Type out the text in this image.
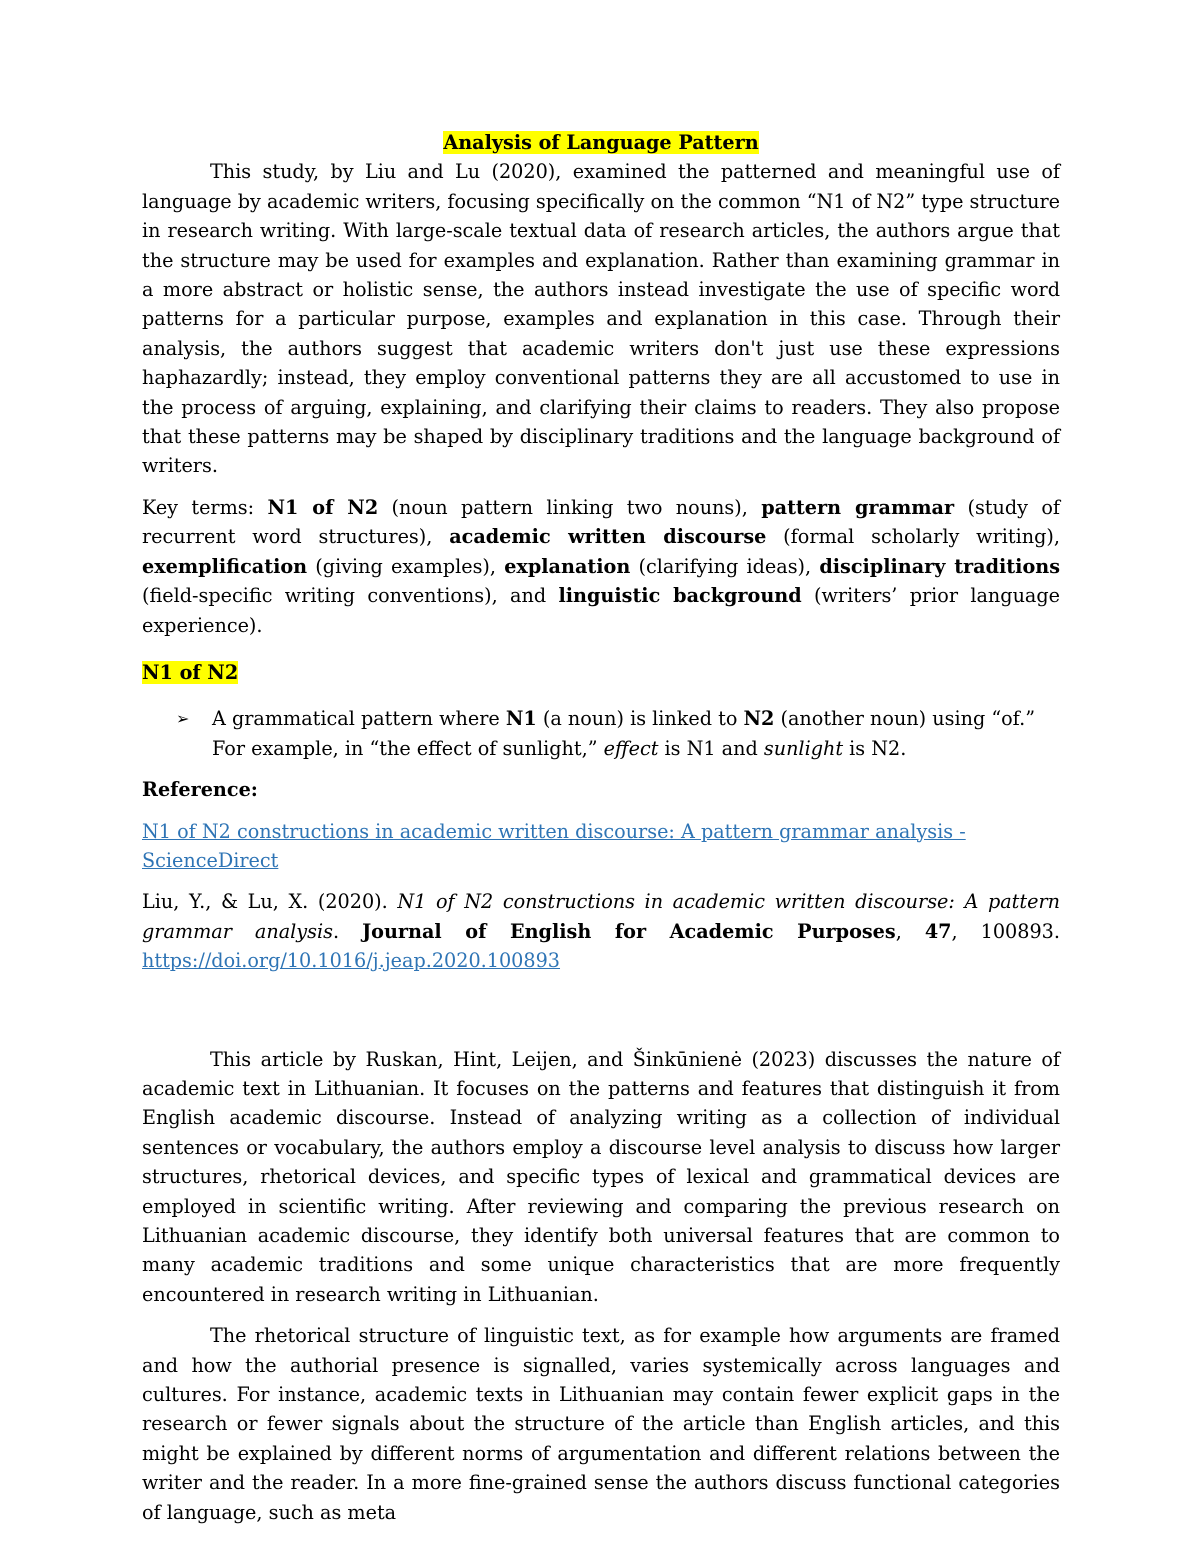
Analysis of Language Pattern

This study, by Liu and Lu (2020), examined the patterned and meaningful use of language by academic writers, focusing specifically on the common “N1 of N2” type structure in research writing. With large-scale textual data of research articles, the authors argue that the structure may be used for examples and explanation. Rather than examining grammar in a more abstract or holistic sense, the authors instead investigate the use of specific word patterns for a particular purpose, examples and explanation in this case. Through their analysis, the authors suggest that academic writers don't just use these expressions haphazardly; instead, they employ conventional patterns they are all accustomed to use in the process of arguing, explaining, and clarifying their claims to readers. They also propose that these patterns may be shaped by disciplinary traditions and the language background of writers.

Key terms: N1 of N2 (noun pattern linking two nouns), pattern grammar (study of recurrent word structures), academic written discourse (formal scholarly writing), exemplification (giving examples), explanation (clarifying ideas), disciplinary traditions (field-specific writing conventions), and linguistic background (writers’ prior language experience).

N1 of N2

➢	A grammatical pattern where N1 (a noun) is linked to N2 (another noun) using “of.” For example, in “the effect of sunlight,” effect is N1 and sunlight is N2.

Reference:

N1 of N2 constructions in academic written discourse: A pattern grammar analysis - ScienceDirect

Liu, Y., & Lu, X. (2020). N1 of N2 constructions in academic written discourse: A pattern grammar analysis. Journal of English for Academic Purposes, 47, 100893. https://doi.org/10.1016/j.jeap.2020.100893

This article by Ruskan, Hint, Leijen, and Šinkūnienė (2023) discusses the nature of academic text in Lithuanian. It focuses on the patterns and features that distinguish it from English academic discourse. Instead of analyzing writing as a collection of individual sentences or vocabulary, the authors employ a discourse level analysis to discuss how larger structures, rhetorical devices, and specific types of lexical and grammatical devices are employed in scientific writing. After reviewing and comparing the previous research on Lithuanian academic discourse, they identify both universal features that are common to many academic traditions and some unique characteristics that are more frequently encountered in research writing in Lithuanian.

The rhetorical structure of linguistic text, as for example how arguments are framed and how the authorial presence is signalled, varies systemically across languages and cultures. For instance, academic texts in Lithuanian may contain fewer explicit gaps in the research or fewer signals about the structure of the article than English articles, and this might be explained by different norms of argumentation and different relations between the writer and the reader. In a more fine-grained sense the authors discuss functional categories of language, such as meta
